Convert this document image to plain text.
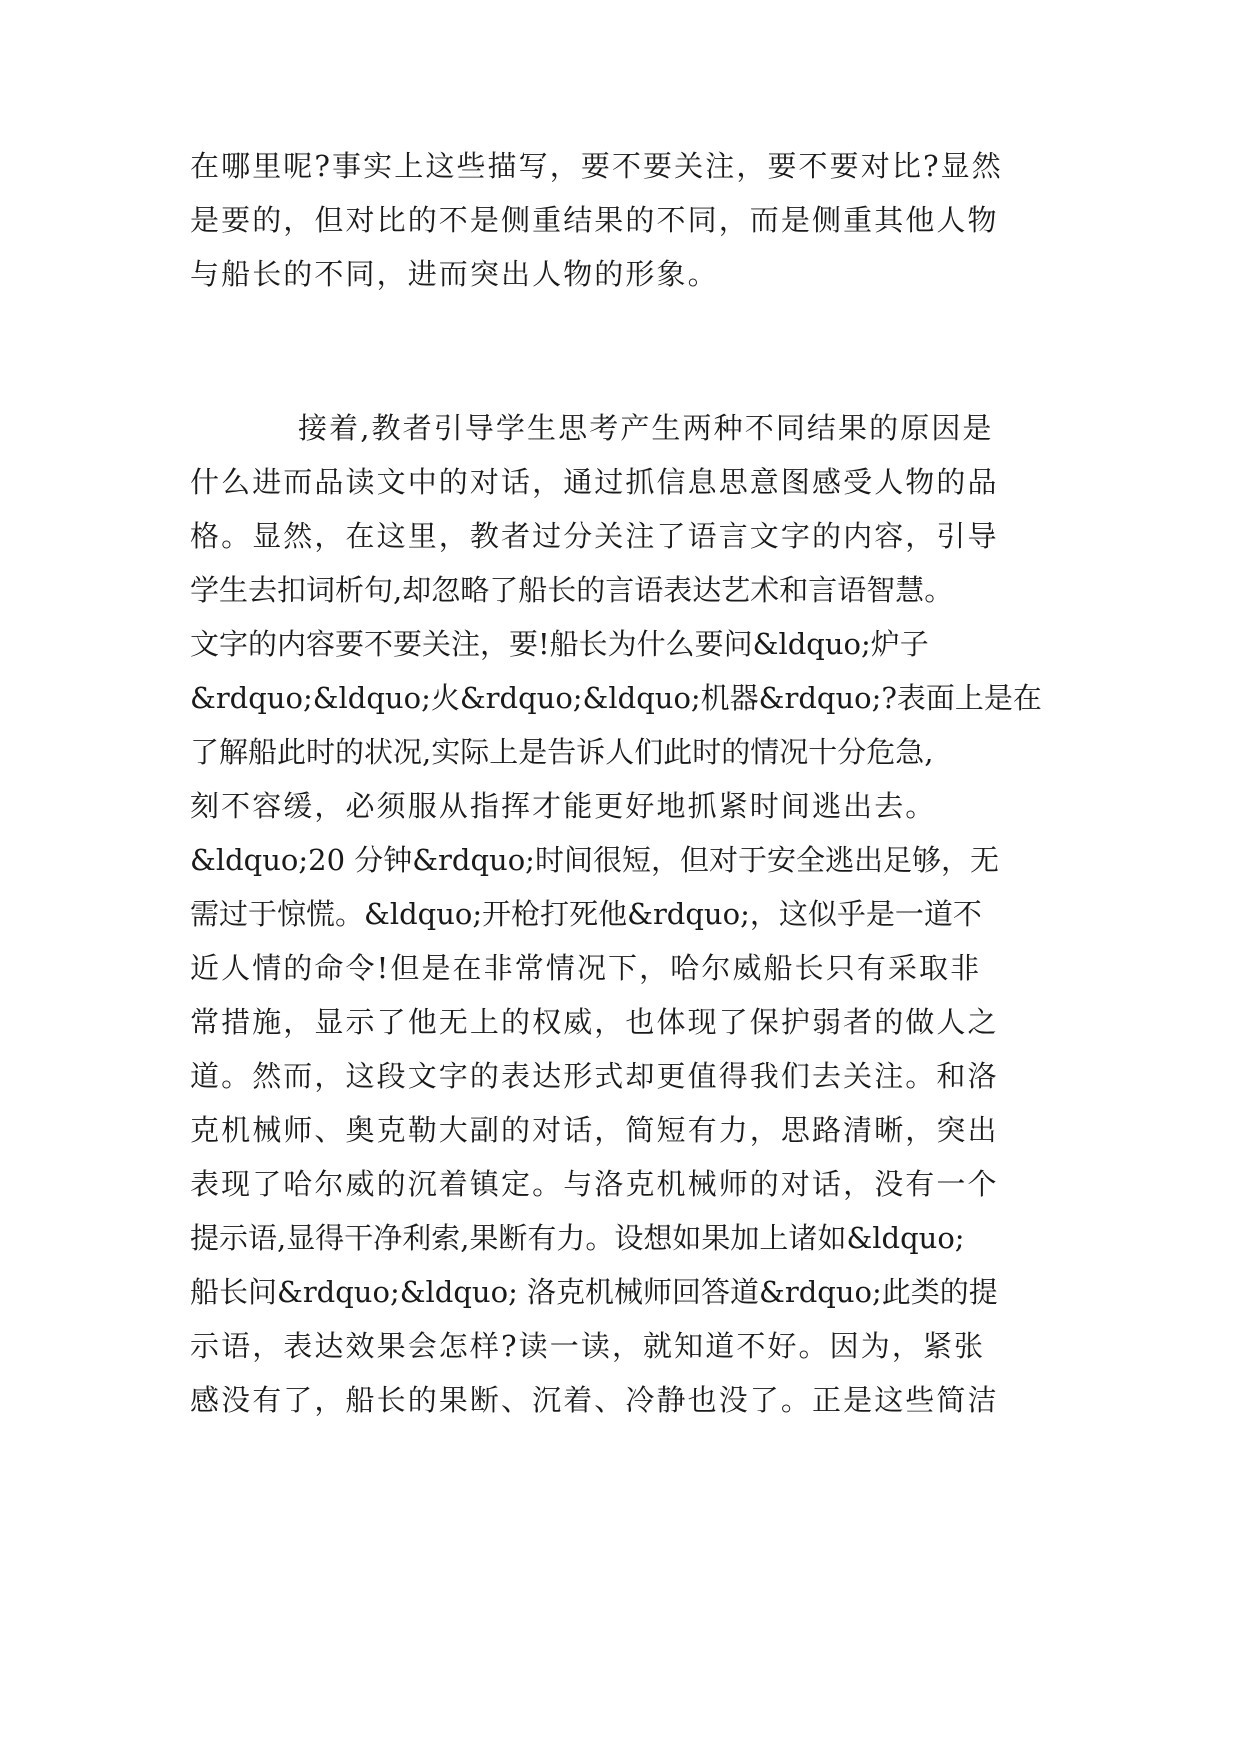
在哪里呢?事实上这些描写，要不要关注，要不要对比?显然
是要的，但对比的不是侧重结果的不同，而是侧重其他人物
与船长的不同，进而突出人物的形象。
接着,教者引导学生思考产生两种不同结果的原因是
什么进而品读文中的对话，通过抓信息思意图感受人物的品
格。显然，在这里，教者过分关注了语言文字的内容，引导
学生去扣词析句,却忽略了船长的言语表达艺术和言语智慧。
文字的内容要不要关注，要!船长为什么要问&ldquo;炉子
&rdquo;&ldquo;火&rdquo;&ldquo;机器&rdquo;?表面上是在
了解船此时的状况,实际上是告诉人们此时的情况十分危急,
刻不容缓，必须服从指挥才能更好地抓紧时间逃出去。
&ldquo;20 分钟&rdquo;时间很短，但对于安全逃出足够，无
需过于惊慌。&ldquo;开枪打死他&rdquo;，这似乎是一道不
近人情的命令!但是在非常情况下，哈尔威船长只有采取非
常措施，显示了他无上的权威，也体现了保护弱者的做人之
道。然而，这段文字的表达形式却更值得我们去关注。和洛
克机械师、奥克勒大副的对话，简短有力，思路清晰，突出
表现了哈尔威的沉着镇定。与洛克机械师的对话，没有一个
提示语,显得干净利索,果断有力。设想如果加上诸如&ldquo;
船长问&rdquo;&ldquo; 洛克机械师回答道&rdquo;此类的提
示语，表达效果会怎样?读一读，就知道不好。因为，紧张
感没有了，船长的果断、沉着、冷静也没了。正是这些简洁
